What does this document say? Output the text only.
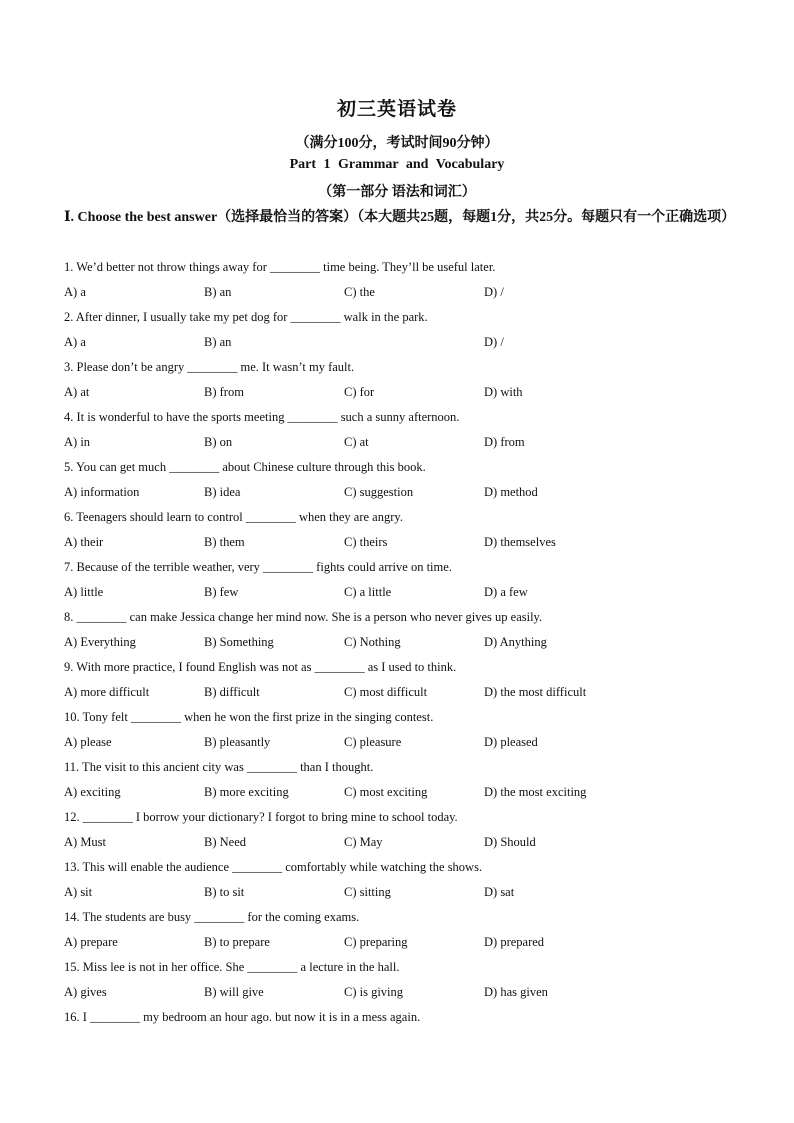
初三英语试卷
（满分100分，考试时间90分钟）
Part 1 Grammar and Vocabulary
（第一部分 语法和词汇）
Ⅰ. Choose the best answer（选择最恰当的答案）（本大题共25题，每题1分，共25分。每题只有一个正确选项）
1. We’d better not throw things away for ________ time being. They’ll be useful later.
A) a	B) an	C) the	D) /
2. After dinner, I usually take my pet dog for ________ walk in the park.
A) a	B) an	D) /
3. Please don’t be angry ________ me. It wasn’t my fault.
A) at	B) from	C) for	D) with
4. It is wonderful to have the sports meeting ________ such a sunny afternoon.
A) in	B) on	C) at	D) from
5. You can get much ________ about Chinese culture through this book.
A) information	B) idea	C) suggestion	D) method
6. Teenagers should learn to control ________ when they are angry.
A) their	B) them	C) theirs	D) themselves
7. Because of the terrible weather, very ________ fights could arrive on time.
A) little	B) few	C) a little	D) a few
8. ________ can make Jessica change her mind now. She is a person who never gives up easily.
A) Everything	B) Something	C) Nothing	D) Anything
9. With more practice, I found English was not as ________ as I used to think.
A) more difficult	B) difficult	C) most difficult	D) the most difficult
10. Tony felt ________ when he won the first prize in the singing contest.
A) please	B) pleasantly	C) pleasure	D) pleased
11. The visit to this ancient city was ________ than I thought.
A) exciting	B) more exciting	C) most exciting	D) the most exciting
12. ________ I borrow your dictionary? I forgot to bring mine to school today.
A) Must	B) Need	C) May	D) Should
13. This will enable the audience ________ comfortably while watching the shows.
A) sit	B) to sit	C) sitting	D) sat
14. The students are busy ________ for the coming exams.
A) prepare	B) to prepare	C) preparing	D) prepared
15. Miss lee is not in her office. She ________ a lecture in the hall.
A) gives	B) will give	C) is giving	D) has given
16. I ________ my bedroom an hour ago. but now it is in a mess again.
